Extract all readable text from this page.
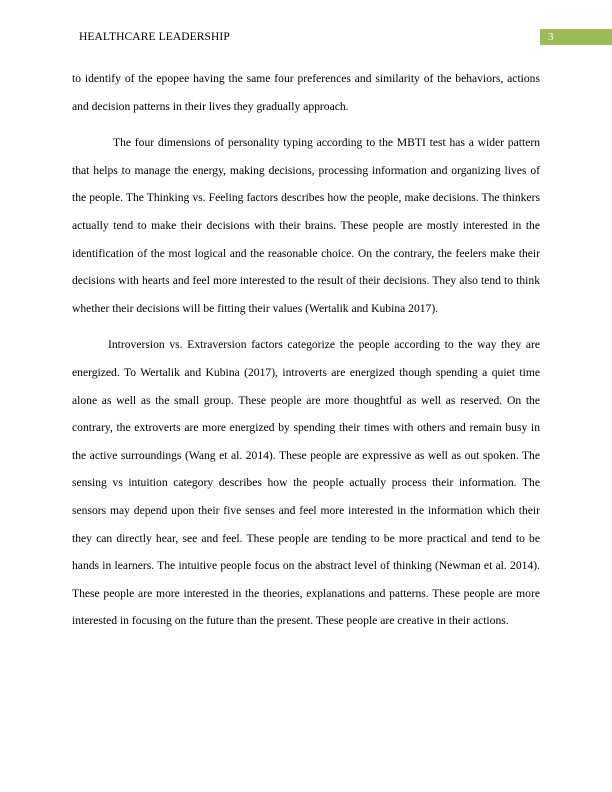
HEALTHCARE LEADERSHIP	3

to identify of the epopee having the same four preferences and similarity of the behaviors, actions and decision patterns in their lives they gradually approach.

The four dimensions of personality typing according to the MBTI test has a wider pattern that helps to manage the energy, making decisions, processing information and organizing lives of the people. The Thinking vs. Feeling factors describes how the people, make decisions. The thinkers actually tend to make their decisions with their brains. These people are mostly interested in the identification of the most logical and the reasonable choice. On the contrary, the feelers make their decisions with hearts and feel more interested to the result of their decisions. They also tend to think whether their decisions will be fitting their values (Wertalik and Kubina 2017).

Introversion vs. Extraversion factors categorize the people according to the way they are energized. To Wertalik and Kubina (2017), introverts are energized though spending a quiet time alone as well as the small group. These people are more thoughtful as well as reserved. On the contrary, the extroverts are more energized by spending their times with others and remain busy in the active surroundings (Wang et al. 2014). These people are expressive as well as out spoken. The sensing vs intuition category describes how the people actually process their information. The sensors may depend upon their five senses and feel more interested in the information which their they can directly hear, see and feel. These people are tending to be more practical and tend to be hands in learners. The intuitive people focus on the abstract level of thinking (Newman et al. 2014). These people are more interested in the theories, explanations and patterns. These people are more interested in focusing on the future than the present. These people are creative in their actions.
